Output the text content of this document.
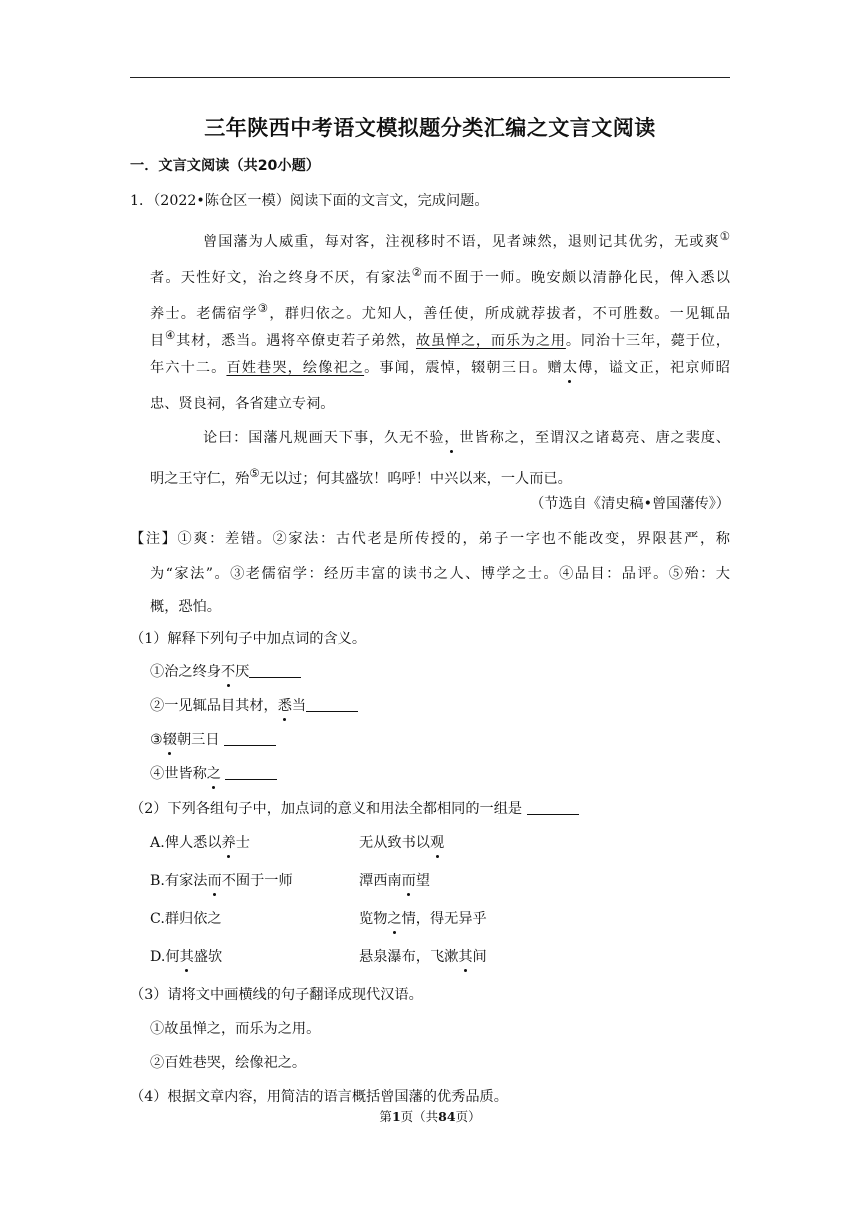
三年陕西中考语文模拟题分类汇编之文言文阅读
一．文言文阅读（共20小题）
1．（2022•陈仓区一模）阅读下面的文言文，完成问题。
曾国藩为人威重，每对客，注视移时不语，见者竦然，退则记其优劣，无或爽①
者。天性好文，治之终身不厌，有家法②而不囿于一师。晚安颇以清静化民，俾入悉以
养士。老儒宿学③，群归依之。尤知人，善任使，所成就荐拔者，不可胜数。一见辄品
目④其材，悉当。遇将卒僚吏若子弟然，故虽惮之，而乐为之用。同治十三年，薨于位，
年六十二。百姓巷哭，绘像祀之。事闻，震悼，辍朝三日。赠太傅，谥文正，祀京师昭
忠、贤良祠，各省建立专祠。
论曰：国藩凡规画天下事，久无不验，世皆称之，至谓汉之诸葛亮、唐之裴度、
明之王守仁，殆⑤无以过；何其盛欤！呜呼！中兴以来，一人而已。
（节选自《清史稿•曾国藩传》）
【注】①爽：差错。②家法：古代老是所传授的，弟子一字也不能改变，界限甚严，称
为“家法”。③老儒宿学：经历丰富的读书之人、博学之士。④品目：品评。⑤殆：大
概，恐怕。
（1）解释下列句子中加点词的含义。
①治之终身不厌
②一见辄品目其材，悉当
③辍朝三日
④世皆称之
（2）下列各组句子中，加点词的意义和用法全都相同的一组是
A.俾人悉以养士	无从致书以观
B.有家法而不囿于一师	潭西南而望
C.群归依之	览物之情，得无异乎
D.何其盛欤	悬泉瀑布，飞漱其间
（3）请将文中画横线的句子翻译成现代汉语。
①故虽惮之，而乐为之用。
②百姓巷哭，绘像祀之。
（4）根据文章内容，用简洁的语言概括曾国藩的优秀品质。
第1页（共84页）
